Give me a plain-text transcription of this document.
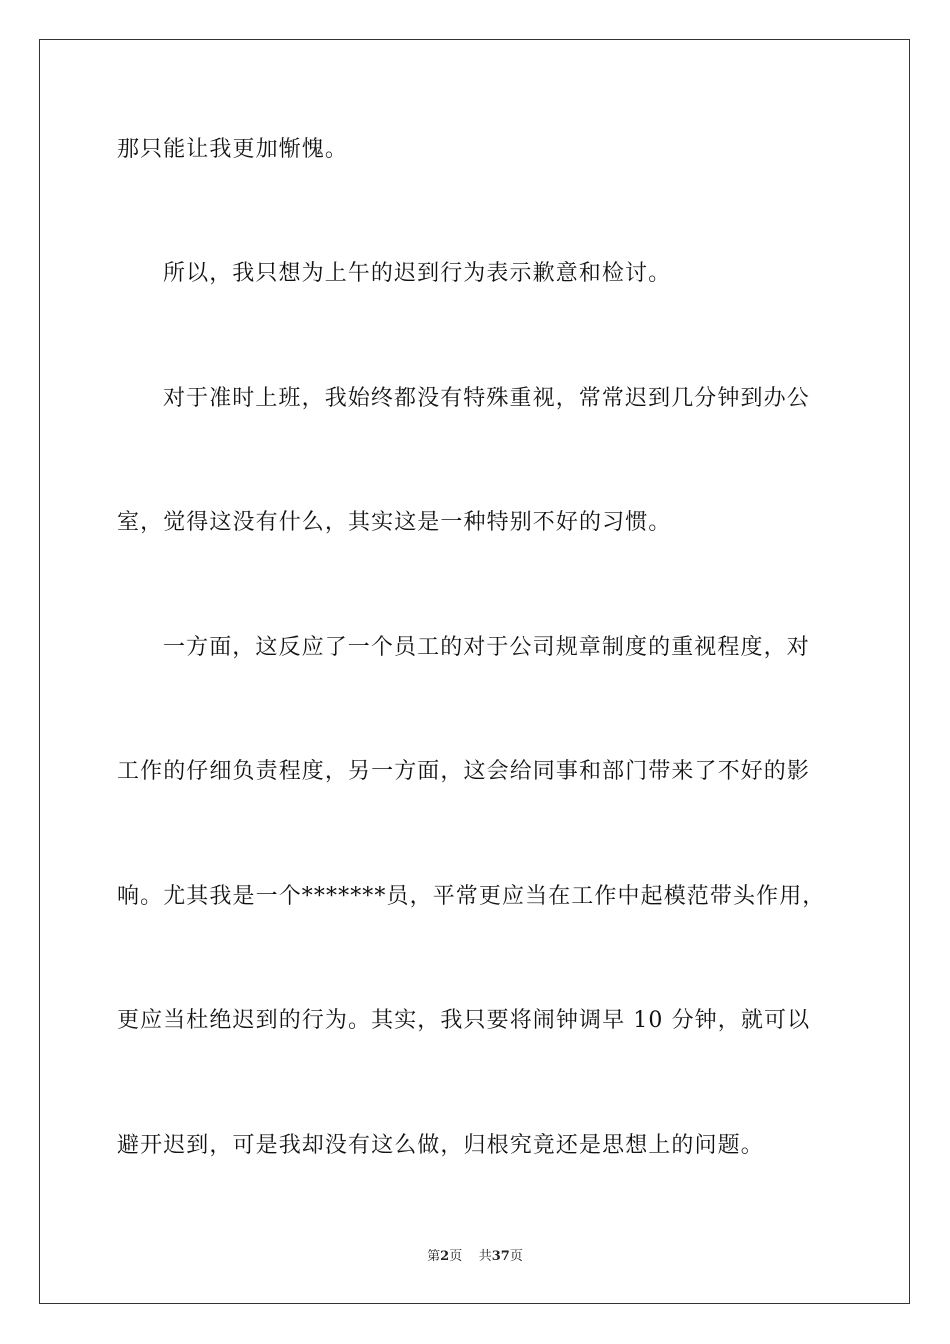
那只能让我更加惭愧。
所以，我只想为上午的迟到行为表示歉意和检讨。
对于准时上班，我始终都没有特殊重视，常常迟到几分钟到办公
室，觉得这没有什么，其实这是一种特别不好的习惯。
一方面，这反应了一个员工的对于公司规章制度的重视程度，对
工作的仔细负责程度，另一方面，这会给同事和部门带来了不好的影
响。尤其我是一个*******员，平常更应当在工作中起模范带头作用，
更应当杜绝迟到的行为。其实，我只要将闹钟调早 10 分钟，就可以
避开迟到，可是我却没有这么做，归根究竟还是思想上的问题。
第2页 共37页
